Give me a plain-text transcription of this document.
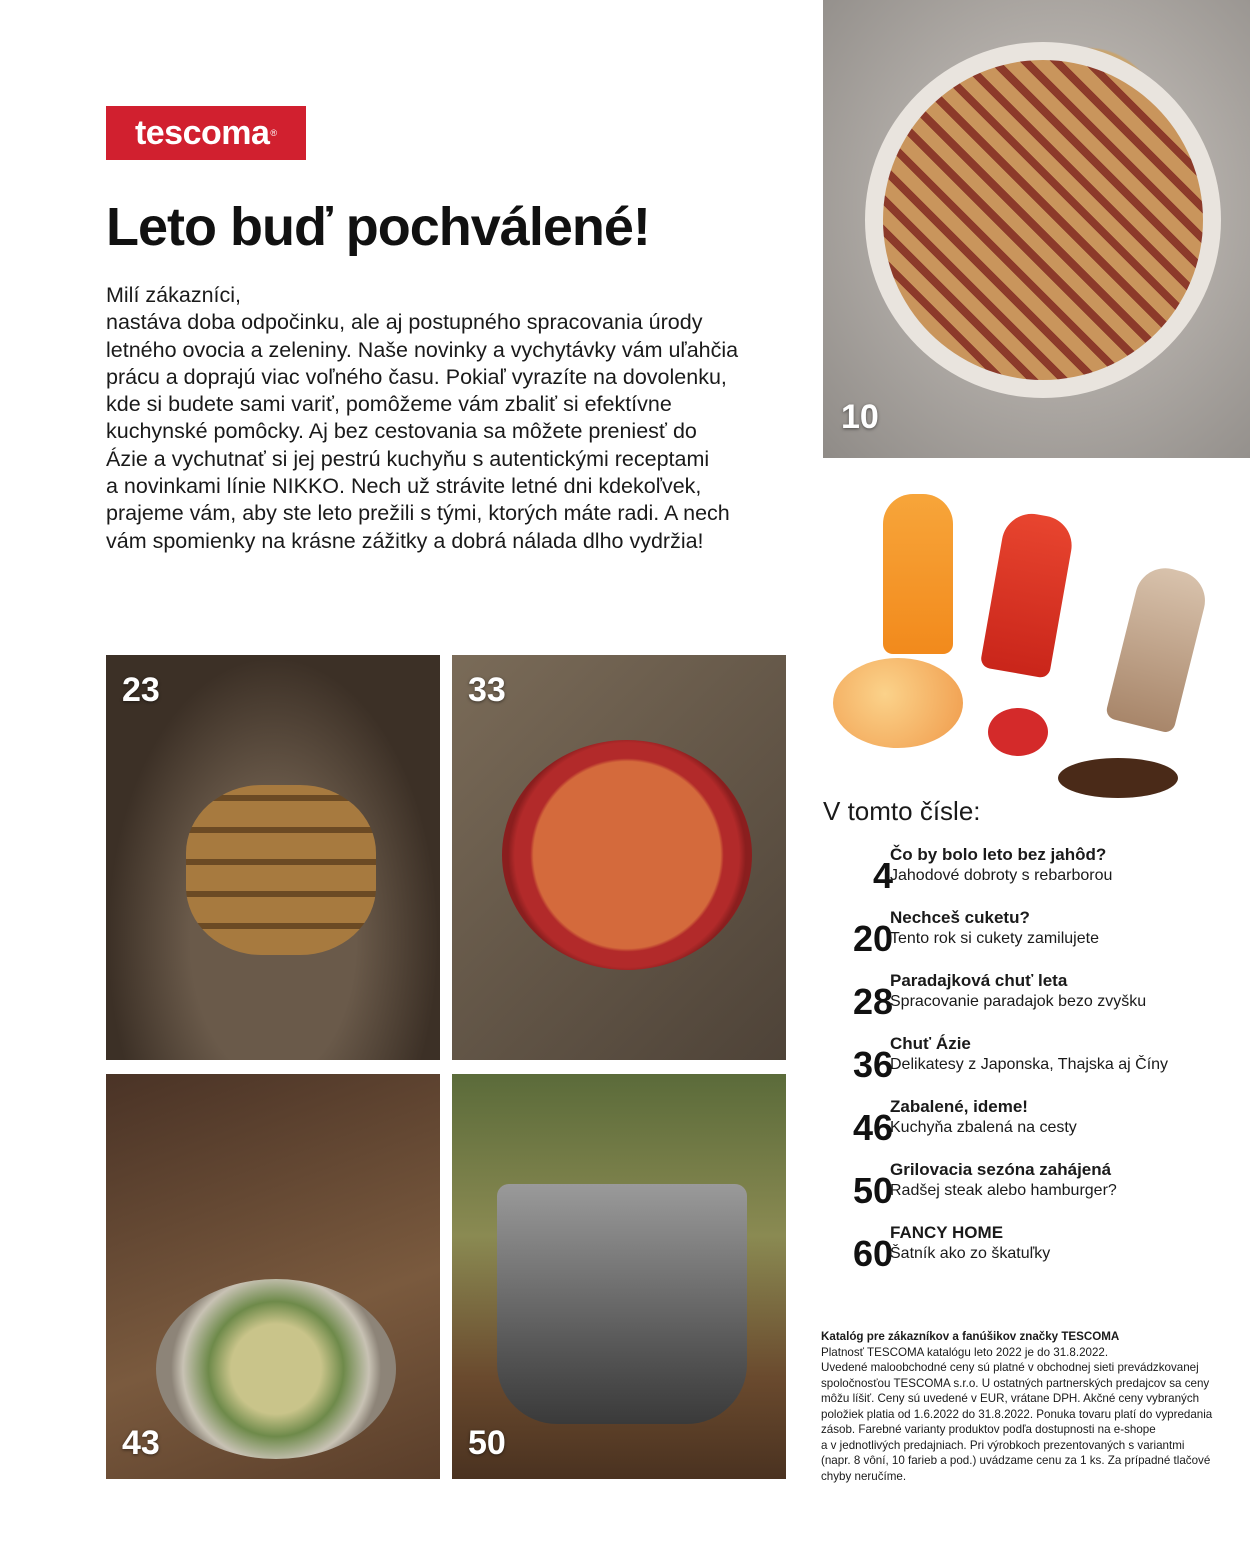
tescoma ®
Leto buď pochválené!

Milí zákazníci,

nastáva doba odpočinku, ale aj postupného spracovania úrody

letného ovocia a zeleniny. Naše novinky a vychytávky vám uľahčia

prácu a doprajú viac voľného času. Pokiaľ vyrazíte na dovolenku,

kde si budete sami variť, pomôžeme vám zbaliť si efektívne

kuchynské pomôcky. Aj bez cestovania sa môžete preniesť do

Ázie a vychutnať si jej pestrú kuchyňu s autentickými receptami

a novinkami línie NIKKO. Nech už strávite letné dni kdekoľvek,

prajeme vám, aby ste leto prežili s tými, ktorých máte radi. A nech

vám spomienky na krásne zážitky a dobrá nálada dlho vydržia!

10
23	33
43	50
V tomto čísle:
4
Čo by bolo leto bez jahôd?
Jahodové dobroty s rebarborou
20
Nechceš cuketu?
Tento rok si cukety zamilujete
28
Paradajková chuť leta
Spracovanie paradajok bezo zvyšku
36
Chuť Ázie
Delikatesy z Japonska, Thajska aj Číny
46
Zabalené, ideme!
Kuchyňa zbalená na cesty
50
Grilovacia sezóna zahájená
Radšej steak alebo hamburger?
60
FANCY HOME
Šatník ako zo škatuľky

Katalóg pre zákazníkov a fanúšikov značky TESCOMA

Platnosť TESCOMA katalógu leto 2022 je do 31.8.2022.

Uvedené maloobchodné ceny sú platné v obchodnej sieti prevádzkovanej

spoločnosťou TESCOMA s.r.o. U ostatných partnerských predajcov sa ceny

môžu líšiť. Ceny sú uvedené v EUR, vrátane DPH. Akčné ceny vybraných

položiek platia od 1.6.2022 do 31.8.2022. Ponuka tovaru platí do vypredania

zásob. Farebné varianty produktov podľa dostupnosti na e-shope

a v jednotlivých predajniach. Pri výrobkoch prezentovaných s variantmi

(napr. 8 vôní, 10 farieb a pod.) uvádzame cenu za 1 ks. Za prípadné tlačové

chyby neručíme.
